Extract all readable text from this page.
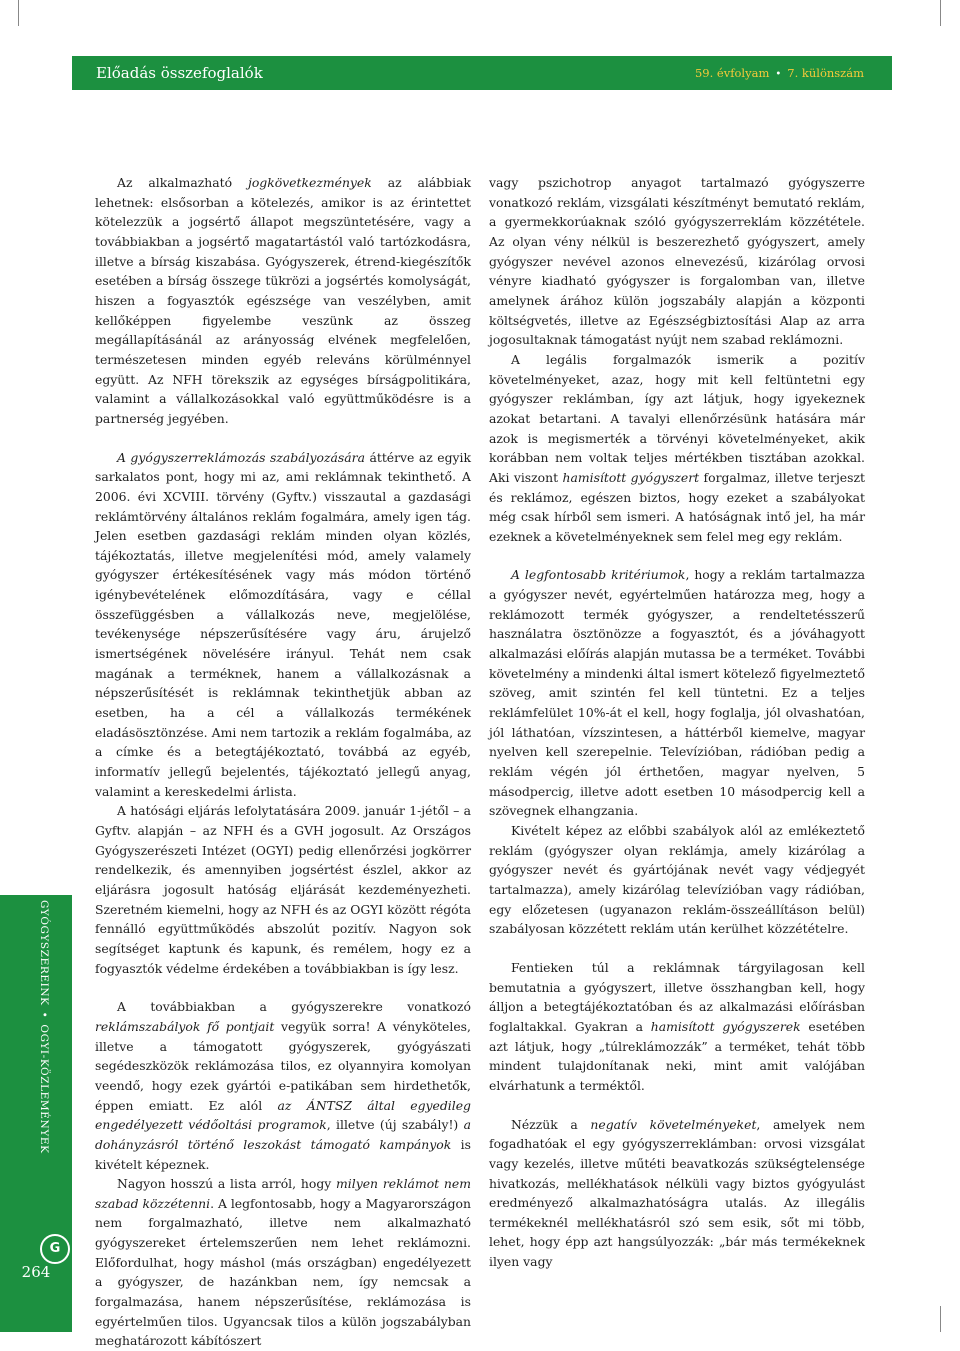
Előadás összefoglalók	59. évfolyam • 7. különszám
GYÓGYSZEREINK•OGYI-KÖZLEMÉNYEK
G
264

Az alkalmazható jogkövetkezmények az alábbiak lehetnek: elsősorban a kötelezés, amikor is az érintettet kötelezzük a jogsértő állapot megszüntetésére, vagy a továbbiakban a jogsértő magatartástól való tartózkodásra, illetve a bírság kiszabása. Gyógyszerek, étrend-kiegészítők esetében a bírság összege tükrözi a jogsértés komolyságát, hiszen a fogyasztók egészsége van veszélyben, amit kellőképpen figyelembe veszünk az összeg megállapításánál az arányosság elvének megfelelően, természetesen minden egyéb releváns körülménnyel együtt. Az NFH törekszik az egységes bírságpolitikára, valamint a vállalkozásokkal való együttműködésre is a partnerség jegyében.

A gyógyszerreklámozás szabályozására áttérve az egyik sarkalatos pont, hogy mi az, ami reklámnak tekinthető. A 2006. évi XCVIII. törvény (Gyftv.) visszautal a gazdasági reklámtörvény általános reklám fogalmára, amely igen tág. Jelen esetben gazdasági reklám minden olyan közlés, tájékoztatás, illetve megjelenítési mód, amely valamely gyógyszer értékesítésének vagy más módon történő igénybevételének előmozdítására, vagy e céllal összefüggésben a vállalkozás neve, megjelölése, tevékenysége népszerűsítésére vagy áru, árujelző ismertségének növelésére irányul. Tehát nem csak magának a terméknek, hanem a vállalkozásnak a népszerűsítését is reklámnak tekinthetjük abban az esetben, ha a cél a vállalkozás termékének eladásösztönzése. Ami nem tartozik a reklám fogalmába, az a címke és a betegtájékoztató, továbbá az egyéb, informatív jellegű bejelentés, tájékoztató jellegű anyag, valamint a kereskedelmi árlista.

A hatósági eljárás lefolytatására 2009. január 1-jétől – a Gyftv. alapján – az NFH és a GVH jogosult. Az Országos Gyógyszerészeti Intézet (OGYI) pedig ellenőrzési jogkörrer rendelkezik, és amennyiben jogsértést észlel, akkor az eljárásra jogosult hatóság eljárását kezdeményezheti. Szeretném kiemelni, hogy az NFH és az OGYI között régóta fennálló együttműködés abszolút pozitív. Nagyon sok segítséget kaptunk és kapunk, és remélem, hogy ez a fogyasztók védelme érdekében a továbbiakban is így lesz.

A továbbiakban a gyógyszerekre vonatkozó reklámszabályok fő pontjait vegyük sorra! A vényköteles, illetve a támogatott gyógyszerek, gyógyászati segédeszközök reklámozása tilos, ez olyannyira komolyan veendő, hogy ezek gyártói e-patikában sem hirdethetők, éppen emiatt. Ez alól az ÁNTSZ által egyedileg engedélyezett védőoltási programok, illetve (új szabály!) a dohányzásról történő leszokást támogató kampányok is kivételt képeznek.

Nagyon hosszú a lista arról, hogy milyen reklámot nem szabad közzétenni. A legfontosabb, hogy a Magyarországon nem forgalmazható, illetve nem alkalmazható gyógyszereket értelemszerűen nem lehet reklámozni. Előfordulhat, hogy máshol (más országban) engedélyezett a gyógyszer, de hazánkban nem, így nemcsak a forgalmazása, hanem népszerűsítése, reklámozása is egyértelműen tilos. Ugyancsak tilos a külön jogszabályban meghatározott kábítószert

vagy pszichotrop anyagot tartalmazó gyógyszerre vonatkozó reklám, vizsgálati készítményt bemutató reklám, a gyermekkorúaknak szóló gyógyszerreklám közzététele. Az olyan vény nélkül is beszerezhető gyógyszert, amely gyógyszer nevével azonos elnevezésű, kizárólag orvosi vényre kiadható gyógyszer is forgalomban van, illetve amelynek árához külön jogszabály alapján a központi költségvetés, illetve az Egészségbiztosítási Alap az arra jogosultaknak támogatást nyújt nem szabad reklámozni.

A legális forgalmazók ismerik a pozitív követelményeket, azaz, hogy mit kell feltüntetni egy gyógyszer reklámban, így azt látjuk, hogy igyekeznek azokat betartani. A tavalyi ellenőrzésünk hatására már azok is megismerték a törvényi követelményeket, akik korábban nem voltak teljes mértékben tisztában azokkal. Aki viszont hamisított gyógyszert forgalmaz, illetve terjeszt és reklámoz, egészen biztos, hogy ezeket a szabályokat még csak hírből sem ismeri. A hatóságnak intő jel, ha már ezeknek a követelményeknek sem felel meg egy reklám.

A legfontosabb kritériumok, hogy a reklám tartalmazza a gyógyszer nevét, egyértelműen határozza meg, hogy a reklámozott termék gyógyszer, a rendeltetésszerű használatra ösztönözze a fogyasztót, és a jóváhagyott alkalmazási előírás alapján mutassa be a terméket. További követelmény a mindenki által ismert kötelező figyelmeztető szöveg, amit szintén fel kell tüntetni. Ez a teljes reklámfelület 10%-át el kell, hogy foglalja, jól olvashatóan, jól láthatóan, vízszintesen, a háttérből kiemelve, magyar nyelven kell szerepelnie. Televízióban, rádióban pedig a reklám végén jól érthetően, magyar nyelven, 5 másodpercig, illetve adott esetben 10 másodpercig kell a szövegnek elhangzania.

Kivételt képez az előbbi szabályok alól az emlékeztető reklám (gyógyszer olyan reklámja, amely kizárólag a gyógyszer nevét és gyártójának nevét vagy védjegyét tartalmazza), amely kizárólag televízióban vagy rádióban, egy előzetesen (ugyanazon reklám-összeállításon belül) szabályosan közzétett reklám után kerülhet közzétételre.

Fentieken túl a reklámnak tárgyilagosan kell bemutatnia a gyógyszert, illetve összhangban kell, hogy álljon a betegtájékoztatóban és az alkalmazási előírásban foglaltakkal. Gyakran a hamisított gyógyszerek esetében azt látjuk, hogy „túlreklámozzák” a terméket, tehát több mindent tulajdonítanak neki, mint amit valójában elvárhatunk a terméktől.

Nézzük a negatív követelményeket, amelyek nem fogadhatóak el egy gyógyszerreklámban: orvosi vizsgálat vagy kezelés, illetve műtéti beavatkozás szükségtelensége hivatkozás, mellékhatások nélküli vagy biztos gyógyulást eredményező alkalmazhatóságra utalás. Az illegális termékeknél mellékhatásról szó sem esik, sőt mi több, lehet, hogy épp azt hangsúlyozzák: „bár más termékeknek ilyen vagy
